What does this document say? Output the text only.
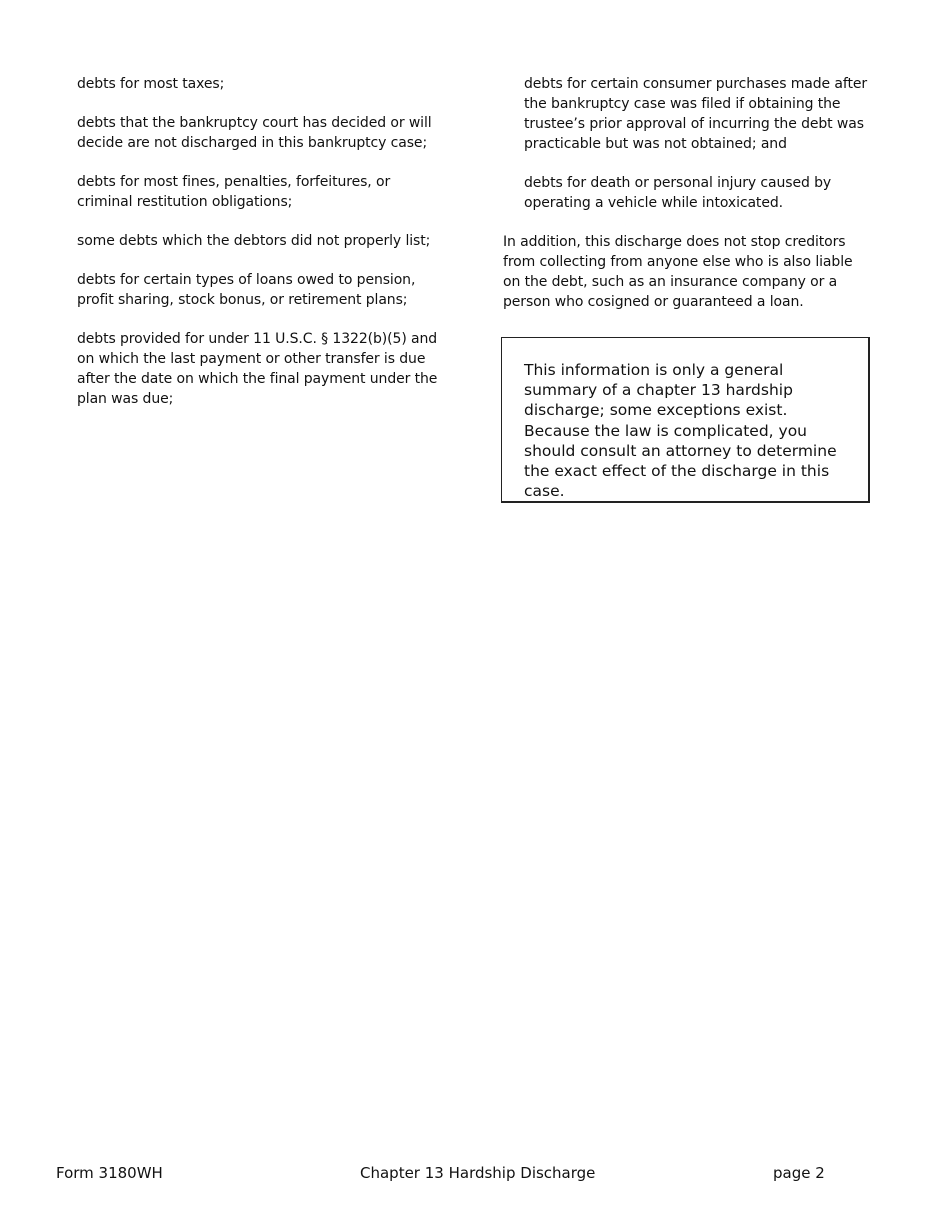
debts for most taxes;

debts that the bankruptcy court has decided or will decide are not discharged in this bankruptcy case;

debts for most fines, penalties, forfeitures, or criminal restitution obligations;

some debts which the debtors did not properly list;

debts for certain types of loans owed to pension, profit sharing, stock bonus, or retirement plans;

debts provided for under 11 U.S.C. § 1322(b)(5) and on which the last payment or other transfer is due after the date on which the final payment under the plan was due;

debts for certain consumer purchases made after the bankruptcy case was filed if obtaining the trustee’s prior approval of incurring the debt was practicable but was not obtained; and

debts for death or personal injury caused by operating a vehicle while intoxicated.

In addition, this discharge does not stop creditors from collecting from anyone else who is also liable on the debt, such as an insurance company or a person who cosigned or guaranteed a loan.

This information is only a general summary of a chapter 13 hardship discharge; some exceptions exist. Because the law is complicated, you should consult an attorney to determine the exact effect of the discharge in this case.

Form 3180WH	Chapter 13 Hardship Discharge	page 2
